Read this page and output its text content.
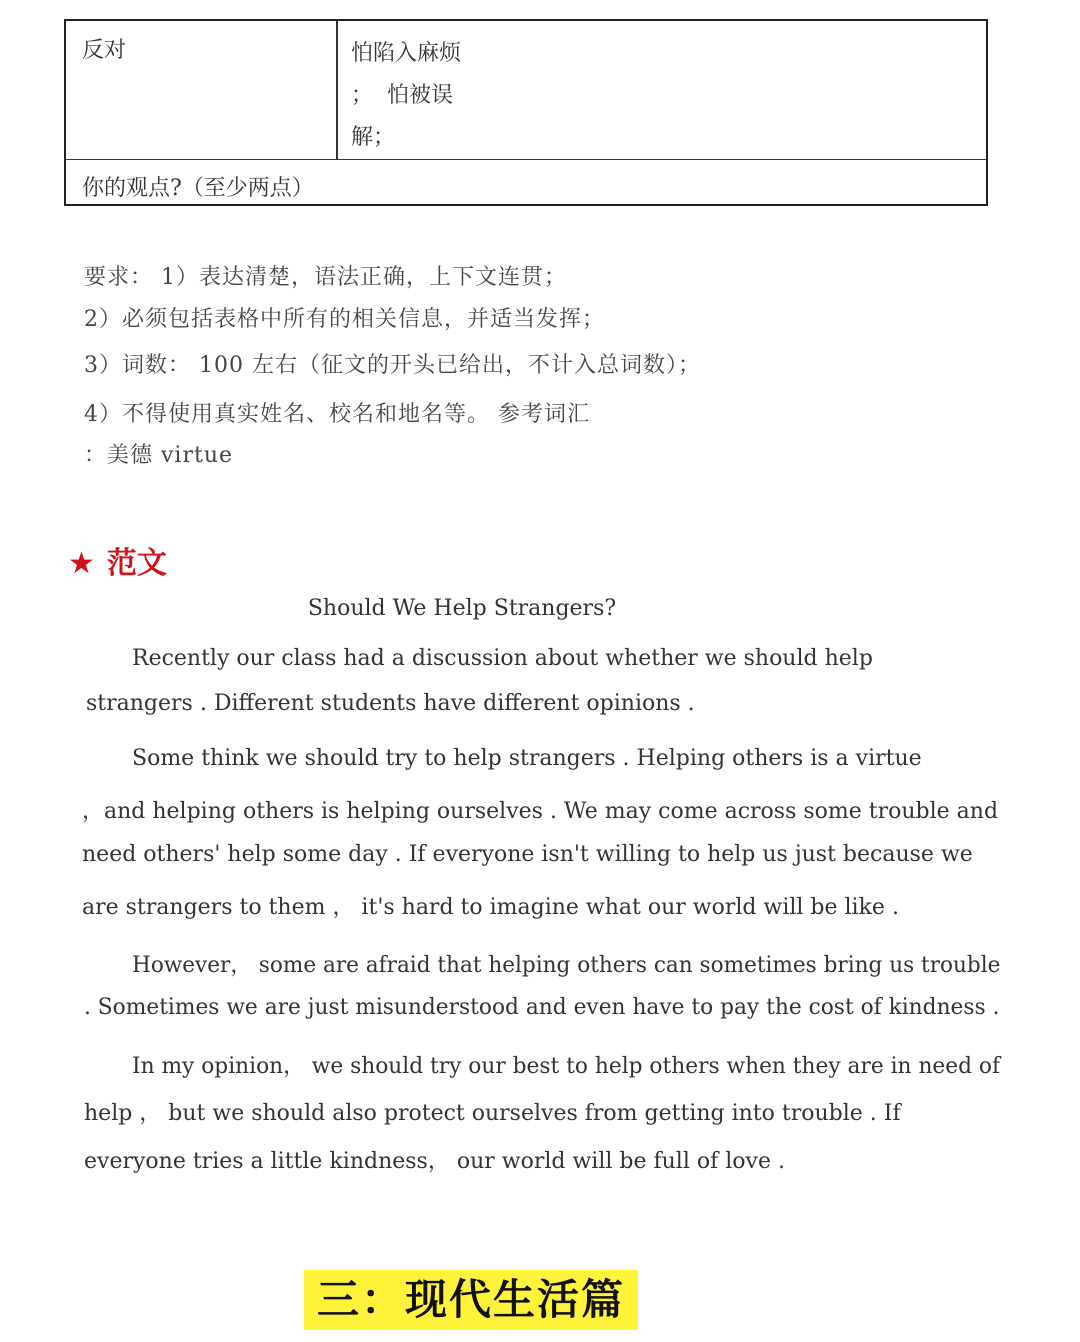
反对	怕陷入麻烦
；  怕被误
解；
你的观点?（至少两点）
要求： 1）表达清楚，语法正确，上下文连贯；
2）必须包括表格中所有的相关信息，并适当发挥；
3）词数： 100 左右（征文的开头已给出，不计入总词数）；
4）不得使用真实姓名、校名和地名等。 参考词汇
：美德 virtue
★ 范文
Should We Help Strangers?
Recently our class had a discussion about whether we should help
strangers . Different students have different opinions .
Some think we should try to help strangers . Helping others is a virtue
，and helping others is helping ourselves . We may come across some trouble and
need others' help some day . If everyone isn't willing to help us just because we
are strangers to them ， it's hard to imagine what our world will be like .
However， some are afraid that helping others can sometimes bring us trouble
. Sometimes we are just misunderstood and even have to pay the cost of kindness .
In my opinion， we should try our best to help others when they are in need of
help ， but we should also protect ourselves from getting into trouble . If
everyone tries a little kindness， our world will be full of love .
三：现代生活篇
